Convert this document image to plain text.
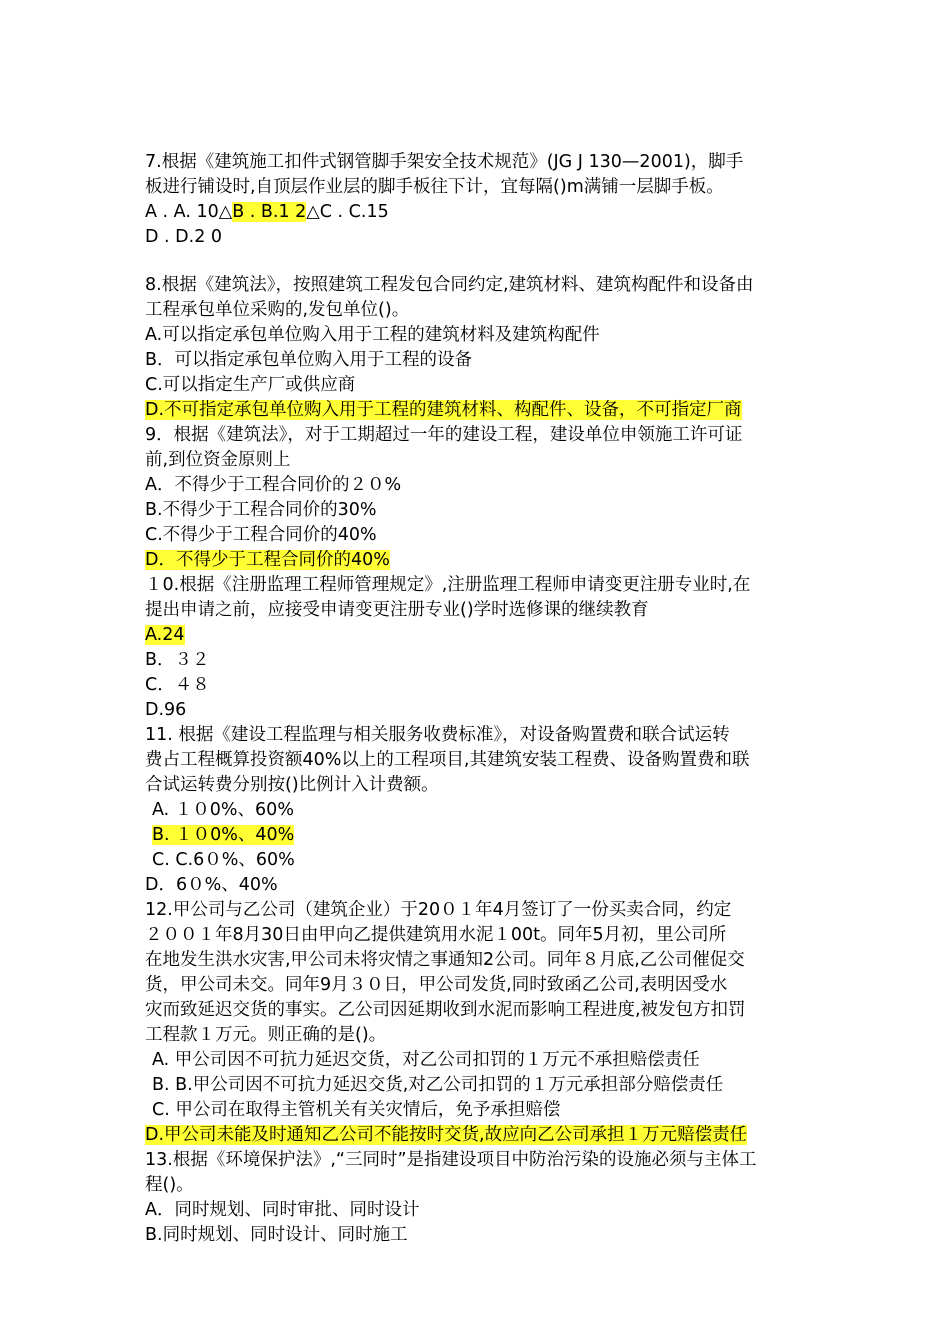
7.根据《建筑施工扣件式钢管脚手架安全技术规范》(JG J 130—2001)，脚手
板进行铺设时,自顶层作业层的脚手板往下计，宜每隔()m满铺一层脚手板。
A . A. 10△B . B.1 2△C . C.15
D . D.2 0
8.根据《建筑法》，按照建筑工程发包合同约定,建筑材料、建筑构配件和设备由
工程承包单位采购的,发包单位()。
A.可以指定承包单位购入用于工程的建筑材料及建筑构配件
B．可以指定承包单位购入用于工程的设备
C.可以指定生产厂或供应商
D.不可指定承包单位购入用于工程的建筑材料、构配件、设备，不可指定厂商
9．根据《建筑法》，对于工期超过一年的建设工程，建设单位申领施工许可证
前,到位资金原则上
A．不得少于工程合同价的２０%
B.不得少于工程合同价的30%
C.不得少于工程合同价的40%
D．不得少于工程合同价的40%
１0.根据《注册监理工程师管理规定》,注册监理工程师申请变更注册专业时,在
提出申请之前，应接受申请变更注册专业()学时选修课的继续教育
A.24
B．３２
C．４８
D.96
11. 根据《建设工程监理与相关服务收费标准》，对设备购置费和联合试运转
费占工程概算投资额40%以上的工程项目,其建筑安装工程费、设备购置费和联
合试运转费分别按()比例计入计费额。
A. １０0%、60%
B. １０0%、40%
C. C.6０%、60%
D．6０%、40%
12.甲公司与乙公司（建筑企业）于20０１年4月签订了一份买卖合同，约定
２００１年8月30日由甲向乙提供建筑用水泥１00t。同年5月初，里公司所
在地发生洪水灾害,甲公司未将灾情之事通知2公司。同年８月底,乙公司催促交
货，甲公司未交。同年9月３０日，甲公司发货,同时致函乙公司,表明因受水
灾而致延迟交货的事实。乙公司因延期收到水泥而影响工程进度,被发包方扣罚
工程款１万元。则正确的是()。
A. 甲公司因不可抗力延迟交货，对乙公司扣罚的１万元不承担赔偿责任
B. B.甲公司因不可抗力延迟交货,对乙公司扣罚的１万元承担部分赔偿责任
C. 甲公司在取得主管机关有关灾情后，免予承担赔偿
D.甲公司未能及时通知乙公司不能按时交货,故应向乙公司承担１万元赔偿责任
13.根据《环境保护法》,“三同时”是指建设项目中防治污染的设施必须与主体工
程()。
A．同时规划、同时审批、同时设计
B.同时规划、同时设计、同时施工
